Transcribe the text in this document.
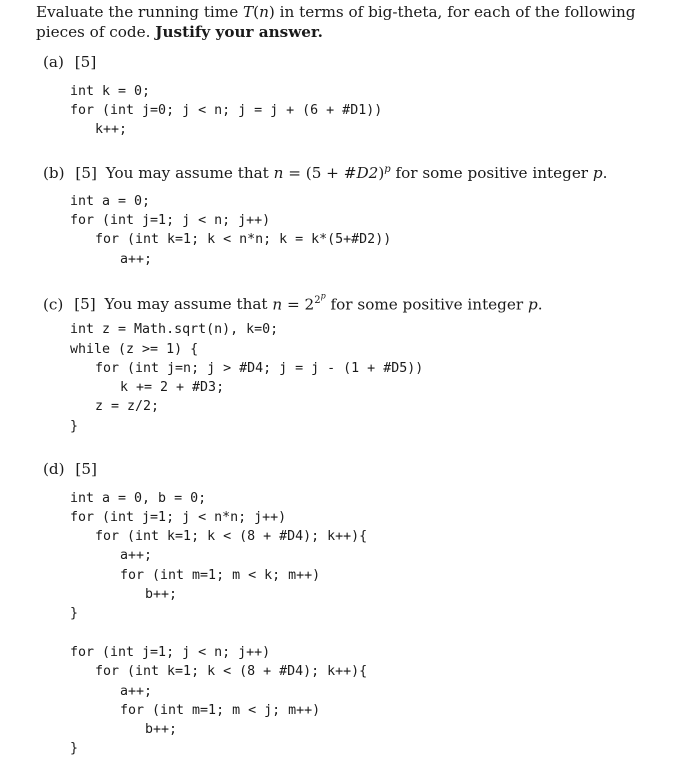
Evaluate the running time T(n) in terms of big-theta, for each of the following pieces of code. Justify your answer.
(a) [5]
int k = 0;
for (int j=0; j < n; j = j + (6 + #D1))
k++;
(b) [5] You may assume that n = (5 + #D2)$^p$ for some positive integer p.
int a = 0;
for (int j=1; j < n; j++)
for (int k=1; k < n*n; k = k*(5+#D2))
a++;
(c) [5] You may assume that $n = 2^{2^p}$ for some positive integer p.
int z = Math.sqrt(n), k=0;
while (z >= 1) {
for (int j=n; j > #D4; j = j - (1 + #D5))
k += 2 + #D3;
z = z/2;
}
(d) [5]
int a = 0, b = 0;
for (int j=1; j < n*n; j++)
for (int k=1; k < (8 + #D4); k++){
a++;
for (int m=1; m < k; m++)
b++;
}
for (int j=1; j < n; j++)
for (int k=1; k < (8 + #D4); k++){
a++;
for (int m=1; m < j; m++)
b++;
}
